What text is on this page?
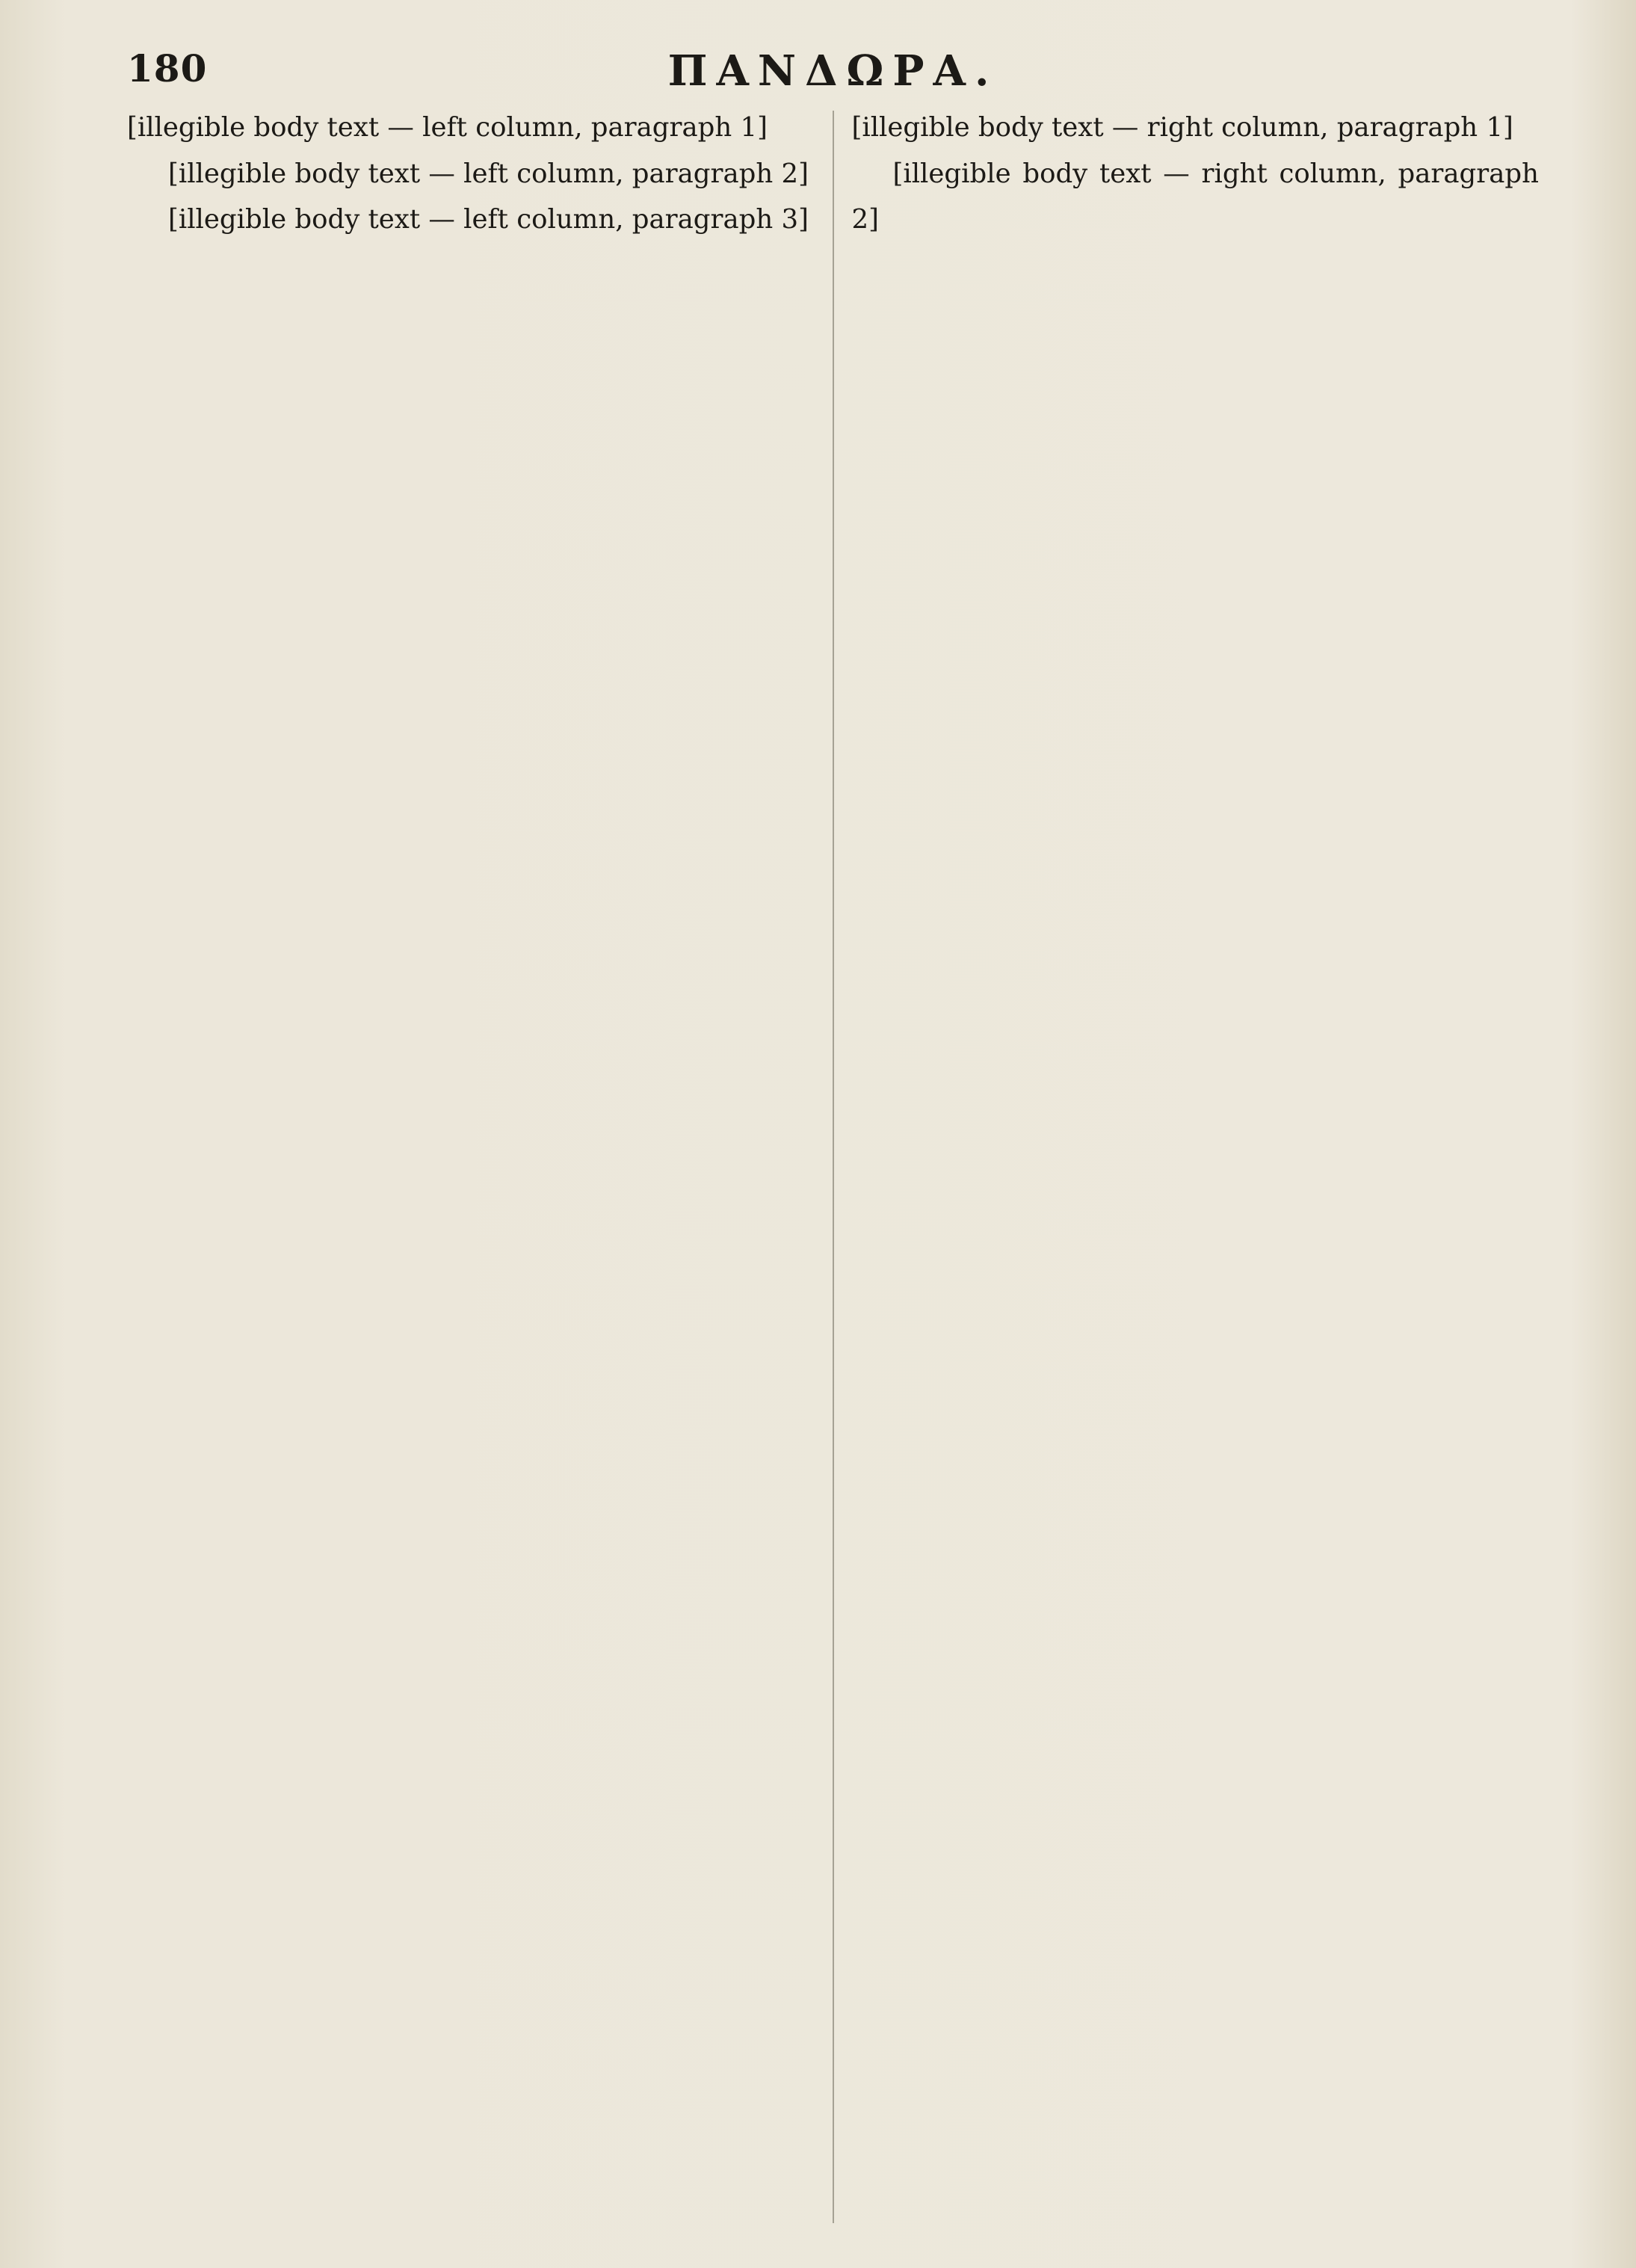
180	ΠΑΝΔΩΡΑ.

[illegible body text — left column, paragraph 1]

[illegible body text — left column, paragraph 2]

[illegible body text — left column, paragraph 3]

[illegible body text — right column, paragraph 1]

[illegible body text — right column, paragraph 2]
